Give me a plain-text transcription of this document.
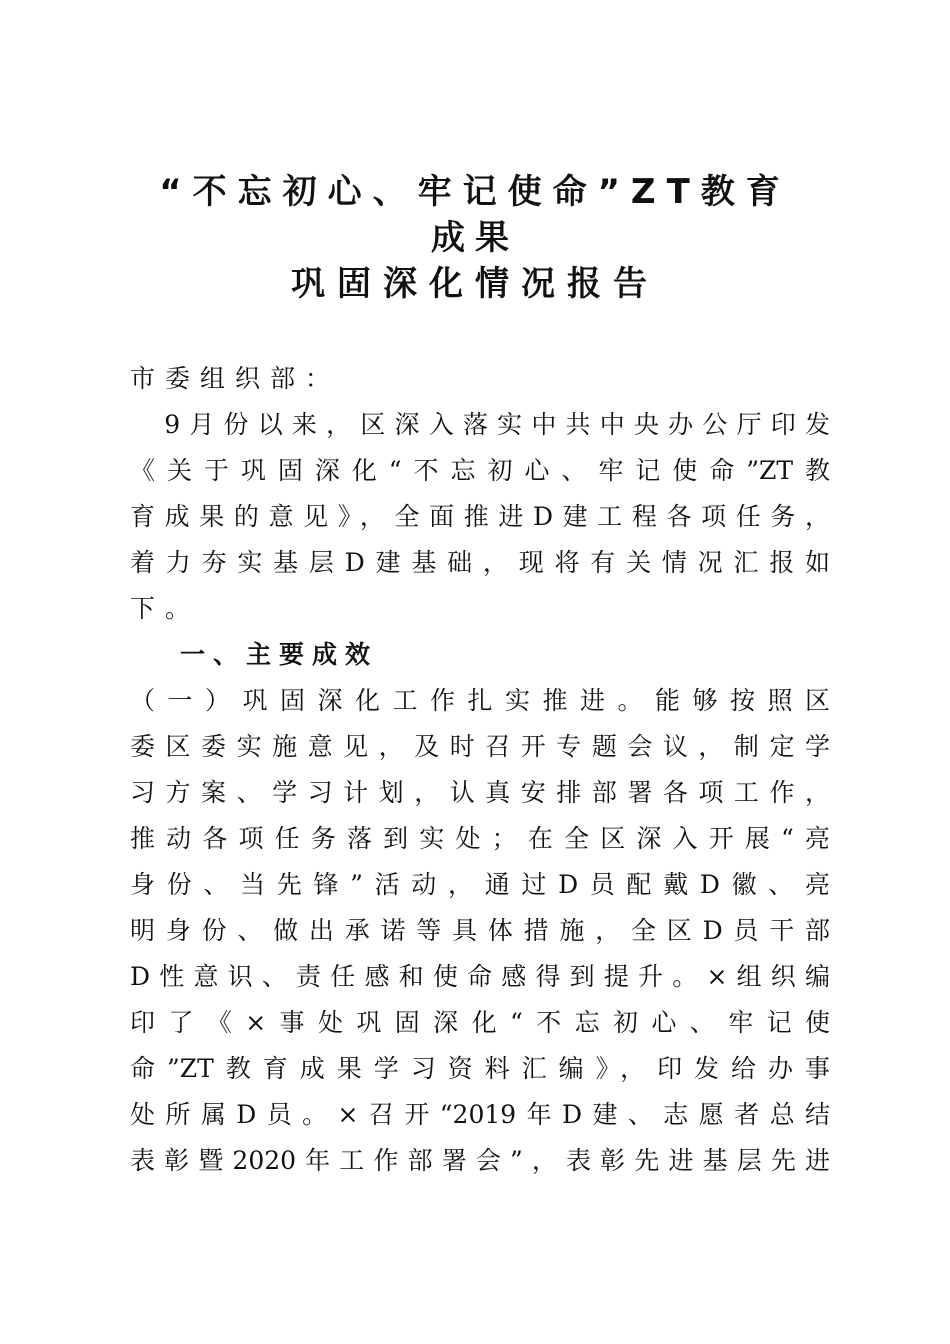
“不忘初心、牢记使命”ZT教育
成果
巩固深化情况报告
市委组织部：
　9月份以来，区深入落实中共中央办公厅印发
《关于巩固深化“不忘初心、牢记使命”ZT教
育成果的意见》，全面推进D建工程各项任务，
着力夯实基层D建基础，现将有关情况汇报如
下。
一、主要成效
（一）巩固深化工作扎实推进。能够按照区
委区委实施意见，及时召开专题会议，制定学
习方案、学习计划，认真安排部署各项工作，
推动各项任务落到实处；在全区深入开展“亮
身份、当先锋”活动，通过D员配戴D徽、亮
明身份、做出承诺等具体措施，全区D员干部
D性意识、责任感和使命感得到提升。×组织编
印了《×事处巩固深化“不忘初心、牢记使
命”ZT教育成果学习资料汇编》，印发给办事
处所属D员。×召开“2019年D建、志愿者总结
表彰暨2020年工作部署会”，表彰先进基层先进
